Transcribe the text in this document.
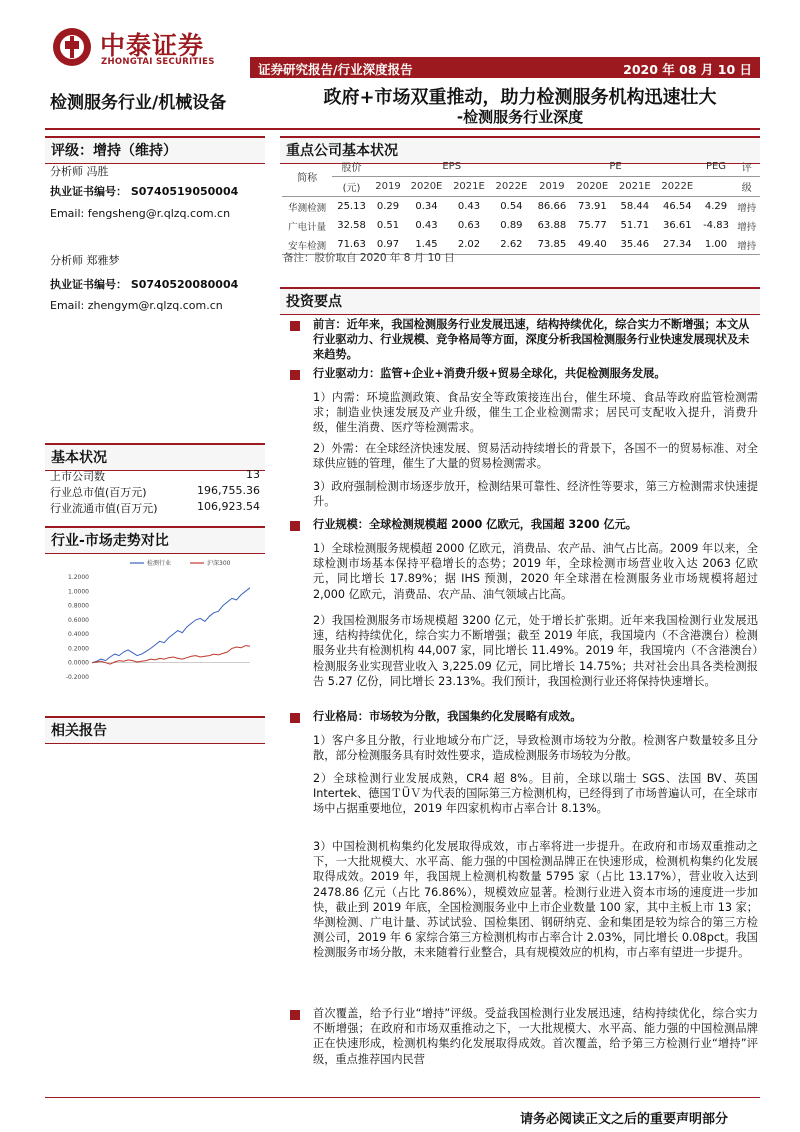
中泰证券
ZHONGTAI SECURITIES	证券研究报告/行业深度报告	2020 年 08 月 10 日
检测服务行业/机械设备	政府+市场双重推动，助力检测服务机构迅速壮大
-检测服务行业深度
评级：增持（维持）
分析师 冯胜
执业证书编号： S0740519050004
Email: fengsheng@r.qlzq.com.cn
分析师 郑雅梦
执业证书编号： S0740520080004
Email: zhengym@r.qlzq.com.cn
基本状况
上市公司数	13
行业总市值(百万元)	196,755.36
行业流通市值(百万元)	106,923.54
行业-市场走势对比
1.2000
1.0000
0.8000
0.6000
0.4000
0.2000
0.0000
-0.2000
检测行业	沪深300
相关报告
重点公司基本状况
简称	股价	EPS				PE				PEG	评
	(元)	2019	2020E	2021E	2022E	2019	2020E	2021E	2022E		级
华测检测	25.13	0.29	0.34	0.43	0.54	86.66	73.91	58.44	46.54	4.29	增持
广电计量	32.58	0.51	0.43	0.63	0.89	63.88	75.77	51.71	36.61	-4.83	增持
安车检测	71.63	0.97	1.45	2.02	2.62	73.85	49.40	35.46	27.34	1.00	增持
备注：股价取自 2020 年 8 月 10 日
投资要点
前言：近年来，我国检测服务行业发展迅速，结构持续优化，综合实力不断增强；本文从行业驱动力、行业规模、竞争格局等方面，深度分析我国检测服务行业快速发展现状及未来趋势。
行业驱动力：监管+企业+消费升级+贸易全球化，共促检测服务发展。
1）内需：环境监测政策、食品安全等政策接连出台，催生环境、食品等政府监管检测需求；制造业快速发展及产业升级，催生工企业检测需求；居民可支配收入提升，消费升级，催生消费、医疗等检测需求。
2）外需：在全球经济快速发展、贸易活动持续增长的背景下，各国不一的贸易标准、对全球供应链的管理，催生了大量的贸易检测需求。
3）政府强制检测市场逐步放开，检测结果可靠性、经济性等要求，第三方检测需求快速提升。
行业规模：全球检测规模超 2000 亿欧元，我国超 3200 亿元。
1）全球检测服务规模超 2000 亿欧元，消费品、农产品、油气占比高。2009 年以来，全球检测市场基本保持平稳增长的态势；2019 年，全球检测市场营业收入达 2063 亿欧元，同比增长 17.89%；据 IHS 预测，2020 年全球潜在检测服务业市场规模将超过 2,000 亿欧元，消费品、农产品、油气领域占比高。
2）我国检测服务市场规模超 3200 亿元，处于增长扩张期。近年来我国检测行业发展迅速，结构持续优化，综合实力不断增强；截至 2019 年底，我国境内（不含港澳台）检测服务业共有检测机构 44,007 家，同比增长 11.49%。2019 年，我国境内（不含港澳台）检测服务业实现营业收入 3,225.09 亿元，同比增长 14.75%；共对社会出具各类检测报告 5.27 亿份，同比增长 23.13%。我们预计，我国检测行业还将保持快速增长。
行业格局：市场较为分散，我国集约化发展略有成效。
1）客户多且分散，行业地域分布广泛，导致检测市场较为分散。检测客户数量较多且分散，部分检测服务具有时效性要求，造成检测服务市场较为分散。
2）全球检测行业发展成熟，CR4 超 8%。目前，全球以瑞士 SGS、法国 BV、英国 Intertek、德国ＴÜＶ为代表的国际第三方检测机构，已经得到了市场普遍认可，在全球市场中占据重要地位，2019 年四家机构市占率合计 8.13%。
3）中国检测机构集约化发展取得成效，市占率将进一步提升。在政府和市场双重推动之下，一大批规模大、水平高、能力强的中国检测品牌正在快速形成，检测机构集约化发展取得成效。2019 年，我国规上检测机构数量 5795 家（占比 13.17%），营业收入达到 2478.86 亿元（占比 76.86%），规模效应显著。检测行业进入资本市场的速度进一步加快，截止到 2019 年底，全国检测服务业中上市企业数量 100 家，其中主板上市 13 家；华测检测、广电计量、苏试试验、国检集团、钢研纳克、金和集团是较为综合的第三方检测公司，2019 年 6 家综合第三方检测机构市占率合计 2.03%，同比增长 0.08pct。我国检测服务市场分散，未来随着行业整合，具有规模效应的机构，市占率有望进一步提升。
首次覆盖，给予行业“增持”评级。受益我国检测行业发展迅速，结构持续优化，综合实力不断增强；在政府和市场双重推动之下，一大批规模大、水平高、能力强的中国检测品牌正在快速形成，检测机构集约化发展取得成效。首次覆盖，给予第三方检测行业“增持”评级，重点推荐国内民营
请务必阅读正文之后的重要声明部分
